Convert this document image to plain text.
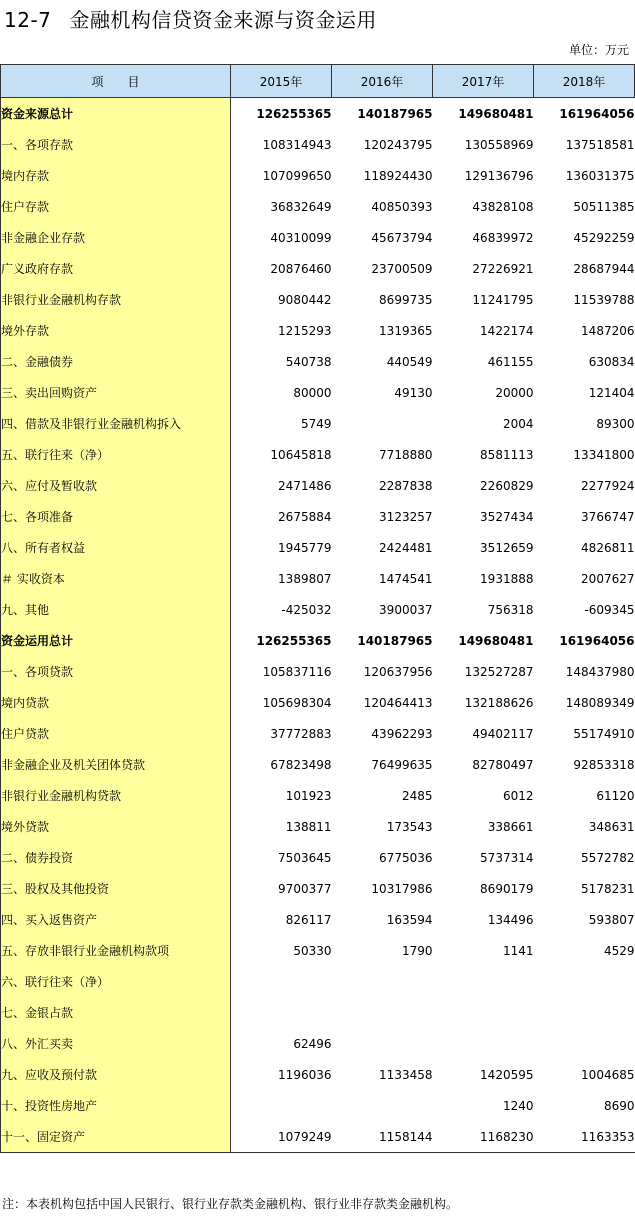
12-7 金融机构信贷资金来源与资金运用
单位：万元
项　　目	2015年	2016年	2017年	2018年
资金来源总计	126255365	140187965	149680481	161964056
一、各项存款	108314943	120243795	130558969	137518581
境内存款	107099650	118924430	129136796	136031375
住户存款	36832649	40850393	43828108	50511385
非金融企业存款	40310099	45673794	46839972	45292259
广义政府存款	20876460	23700509	27226921	28687944
非银行业金融机构存款	9080442	8699735	11241795	11539788
境外存款	1215293	1319365	1422174	1487206
二、金融债券	540738	440549	461155	630834
三、卖出回购资产	80000	49130	20000	121404
四、借款及非银行业金融机构拆入	5749		2004	89300
五、联行往来（净）	10645818	7718880	8581113	13341800
六、应付及暂收款	2471486	2287838	2260829	2277924
七、各项准备	2675884	3123257	3527434	3766747
八、所有者权益	1945779	2424481	3512659	4826811
＃ 实收资本	1389807	1474541	1931888	2007627
九、其他	-425032	3900037	756318	-609345
资金运用总计	126255365	140187965	149680481	161964056
一、各项贷款	105837116	120637956	132527287	148437980
境内贷款	105698304	120464413	132188626	148089349
住户贷款	37772883	43962293	49402117	55174910
非金融企业及机关团体贷款	67823498	76499635	82780497	92853318
非银行业金融机构贷款	101923	2485	6012	61120
境外贷款	138811	173543	338661	348631
二、债券投资	7503645	6775036	5737314	5572782
三、股权及其他投资	9700377	10317986	8690179	5178231
四、买入返售资产	826117	163594	134496	593807
五、存放非银行业金融机构款项	50330	1790	1141	4529
六、联行往来（净）				
七、金银占款				
八、外汇买卖	62496			
九、应收及预付款	1196036	1133458	1420595	1004685
十、投资性房地产			1240	8690
十一、固定资产	1079249	1158144	1168230	1163353
注：本表机构包括中国人民银行、银行业存款类金融机构、银行业非存款类金融机构。
